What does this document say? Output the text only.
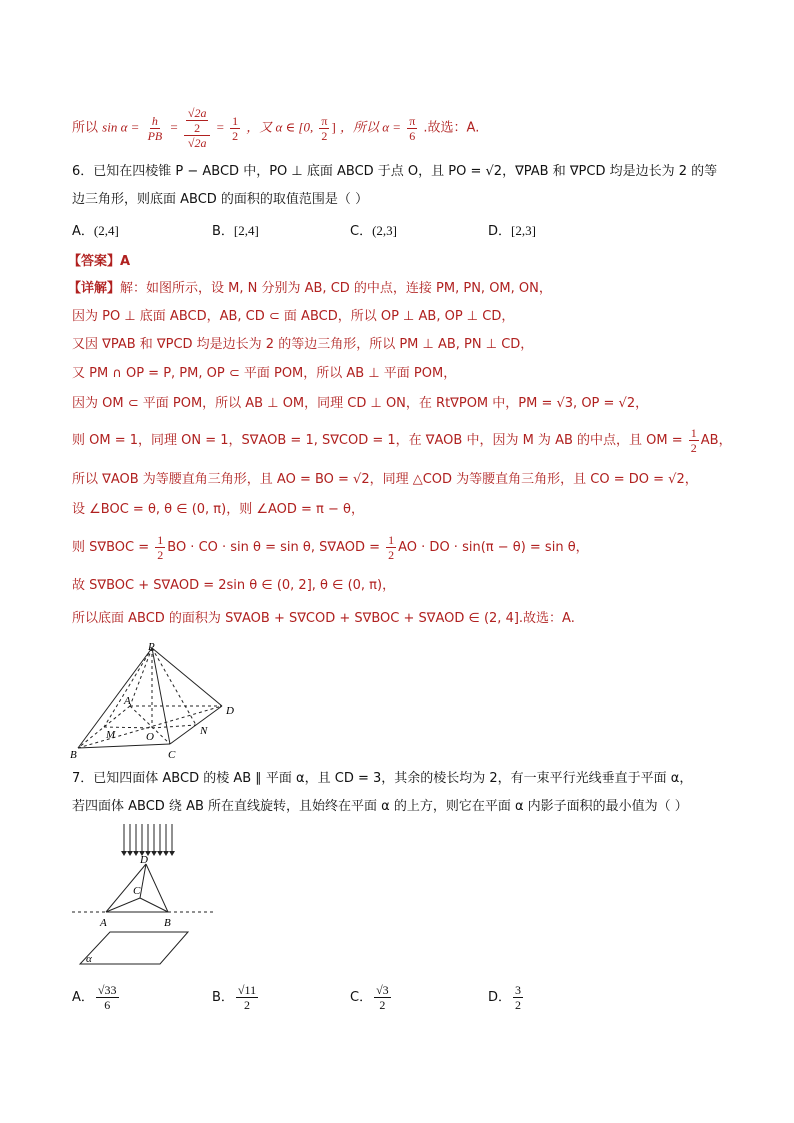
所以 $\sin \alpha = \frac{h}{PB} = √2a$
2
$√2a = \frac{1}{2}$ ，又 α ∈ [0, $\frac{\pi}{2}$ ] ，所以 $\alpha = \frac{\pi}{6}$ .故选：A.
6．已知在四棱锥 P − ABCD 中，PO ⊥ 底面 ABCD 于点 O，且 PO = √2，∇PAB 和 ∇PCD 均是边长为 2 的等
边三角形，则底面 ABCD 的面积的取值范围是（ ）
A．(2,4]	B．[2,4]	C．(2,3]	D．[2,3]
【答案】A
【详解】解：如图所示，设 M, N 分别为 AB, CD 的中点，连接 PM, PN, OM, ON，
因为 PO ⊥ 底面 ABCD，AB, CD ⊂ 面 ABCD，所以 OP ⊥ AB, OP ⊥ CD，
又因 ∇PAB 和 ∇PCD 均是边长为 2 的等边三角形，所以 PM ⊥ AB, PN ⊥ CD，
又 PM ∩ OP = P, PM, OP ⊂ 平面 POM，所以 AB ⊥ 平面 POM，
因为 OM ⊂ 平面 POM，所以 AB ⊥ OM，同理 CD ⊥ ON，在 Rt∇POM 中，PM = √3, OP = √2，
则 OM = 1，同理 ON = 1，S∇AOB = 1, S∇COD = 1，在 ∇AOB 中，因为 M 为 AB 的中点，且 OM = $\frac{1}{2}$ AB，
所以 ∇AOB 为等腰直角三角形，且 AO = BO = √2，同理 △COD 为等腰直角三角形，且 CO = DO = √2，
设 ∠BOC = θ, θ ∈ (0, π)，则 ∠AOD = π − θ，
则 $S\nabla BOC = \frac{1}{2}$ BO · CO · sin θ = sin θ, $S\nabla AOD = \frac{1}{2}$ AO · DO · sin(π − θ) = sin θ，
故 S∇BOC + S∇AOD = 2sin θ ∈ (0, 2], θ ∈ (0, π)，
所以底面 ABCD 的面积为 S∇AOB + S∇COD + S∇BOC + S∇AOD ∈ (2, 4].故选：A.
P
B	C
D
A
M	N
O
7．已知四面体 ABCD 的棱 AB ∥ 平面 α，且 CD = 3，其余的棱长均为 2，有一束平行光线垂直于平面 α，
若四面体 ABCD 绕 AB 所在直线旋转，且始终在平面 α 的上方，则它在平面 α 内影子面积的最小值为（ ）
D
C
A	B
α
A． $\frac{√33}{6}$	B． $\frac{√11}{2}$	C． $\frac{√3}{2}$	D． $\frac{3}{2}$
